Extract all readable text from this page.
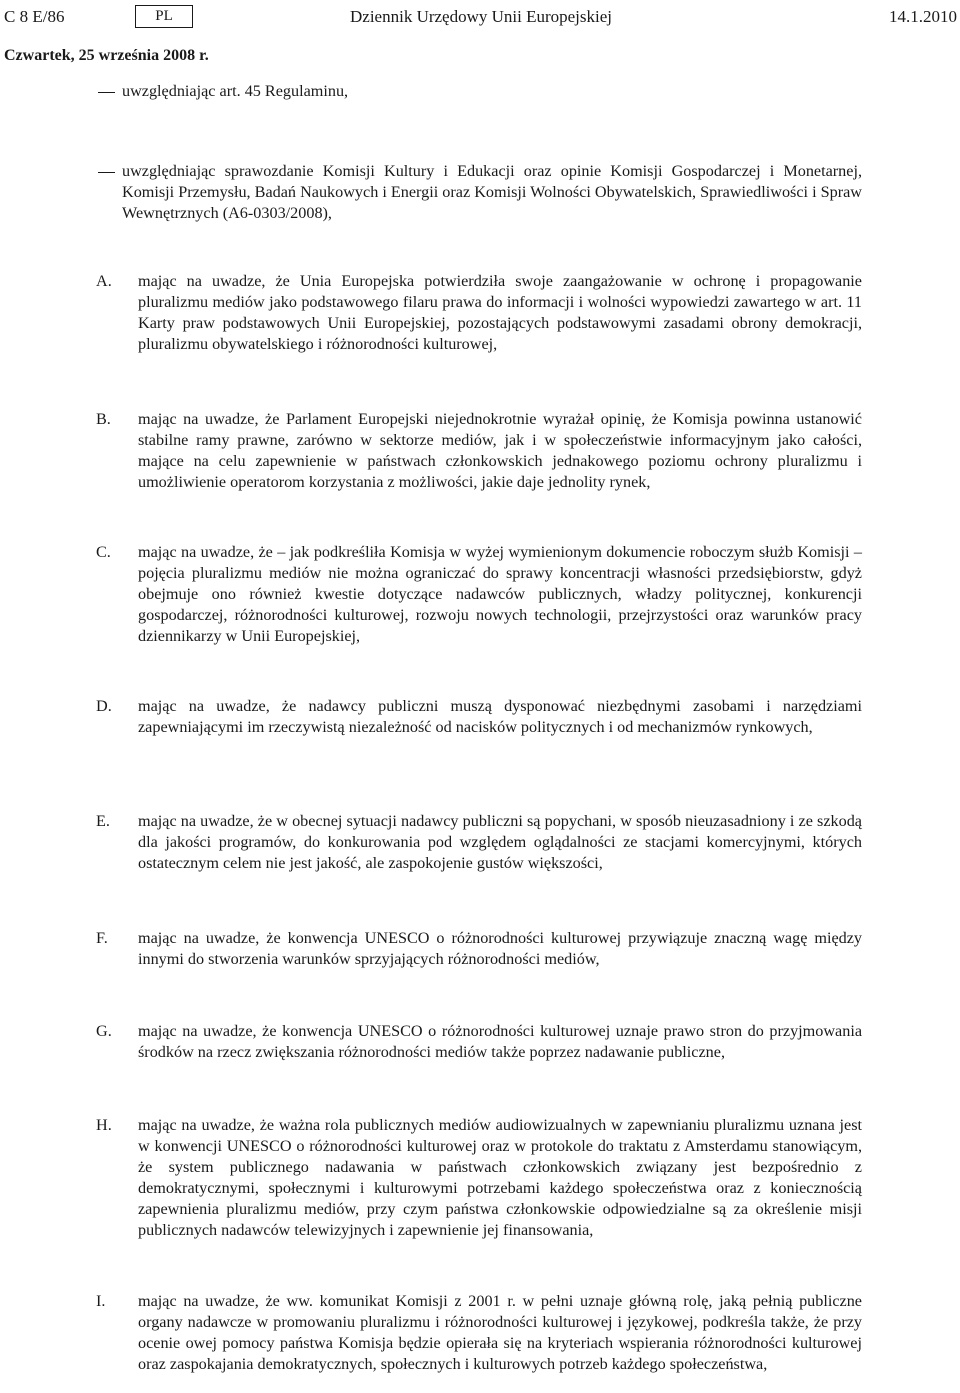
C 8 E/86	PL	Dziennik Urzędowy Unii Europejskiej	14.1.2010
Czwartek, 25 września 2008 r.
uwzględniając art. 45 Regulaminu,
uwzględniając sprawozdanie Komisji Kultury i Edukacji oraz opinie Komisji Gospodarczej i Monetarnej, Komisji Przemysłu, Badań Naukowych i Energii oraz Komisji Wolności Obywatelskich, Sprawiedliwości i Spraw Wewnętrznych (A6-0303/2008),
A. mając na uwadze, że Unia Europejska potwierdziła swoje zaangażowanie w ochronę i propagowanie pluralizmu mediów jako podstawowego filaru prawa do informacji i wolności wypowiedzi zawartego w art. 11 Karty praw podstawowych Unii Europejskiej, pozostających podstawowymi zasadami obrony demokracji, pluralizmu obywatelskiego i różnorodności kulturowej,
B. mając na uwadze, że Parlament Europejski niejednokrotnie wyrażał opinię, że Komisja powinna ustanowić stabilne ramy prawne, zarówno w sektorze mediów, jak i w społeczeństwie informacyjnym jako całości, mające na celu zapewnienie w państwach członkowskich jednakowego poziomu ochrony pluralizmu i umożliwienie operatorom korzystania z możliwości, jakie daje jednolity rynek,
C. mając na uwadze, że – jak podkreśliła Komisja w wyżej wymienionym dokumencie roboczym służb Komisji – pojęcia pluralizmu mediów nie można ograniczać do sprawy koncentracji własności przedsiębiorstw, gdyż obejmuje ono również kwestie dotyczące nadawców publicznych, władzy politycznej, konkurencji gospodarczej, różnorodności kulturowej, rozwoju nowych technologii, przejrzystości oraz warunków pracy dziennikarzy w Unii Europejskiej,
D. mając na uwadze, że nadawcy publiczni muszą dysponować niezbędnymi zasobami i narzędziami zapewniającymi im rzeczywistą niezależność od nacisków politycznych i od mechanizmów rynkowych,
E. mając na uwadze, że w obecnej sytuacji nadawcy publiczni są popychani, w sposób nieuzasadniony i ze szkodą dla jakości programów, do konkurowania pod względem oglądalności ze stacjami komercyjnymi, których ostatecznym celem nie jest jakość, ale zaspokojenie gustów większości,
F. mając na uwadze, że konwencja UNESCO o różnorodności kulturowej przywiązuje znaczną wagę między innymi do stworzenia warunków sprzyjających różnorodności mediów,
G. mając na uwadze, że konwencja UNESCO o różnorodności kulturowej uznaje prawo stron do przyjmowania środków na rzecz zwiększania różnorodności mediów także poprzez nadawanie publiczne,
H. mając na uwadze, że ważna rola publicznych mediów audiowizualnych w zapewnianiu pluralizmu uznana jest w konwencji UNESCO o różnorodności kulturowej oraz w protokole do traktatu z Amsterdamu stanowiącym, że system publicznego nadawania w państwach członkowskich związany jest bezpośrednio z demokratycznymi, społecznymi i kulturowymi potrzebami każdego społeczeństwa oraz z koniecznością zapewnienia pluralizmu mediów, przy czym państwa członkowskie odpowiedzialne są za określenie misji publicznych nadawców telewizyjnych i zapewnienie jej finansowania,
I. mając na uwadze, że ww. komunikat Komisji z 2001 r. w pełni uznaje główną rolę, jaką pełnią publiczne organy nadawcze w promowaniu pluralizmu i różnorodności kulturowej i językowej, podkreśla także, że przy ocenie owej pomocy państwa Komisja będzie opierała się na kryteriach wspierania różnorodności kulturowej oraz zaspokajania demokratycznych, społecznych i kulturowych potrzeb każdego społeczeństwa,
